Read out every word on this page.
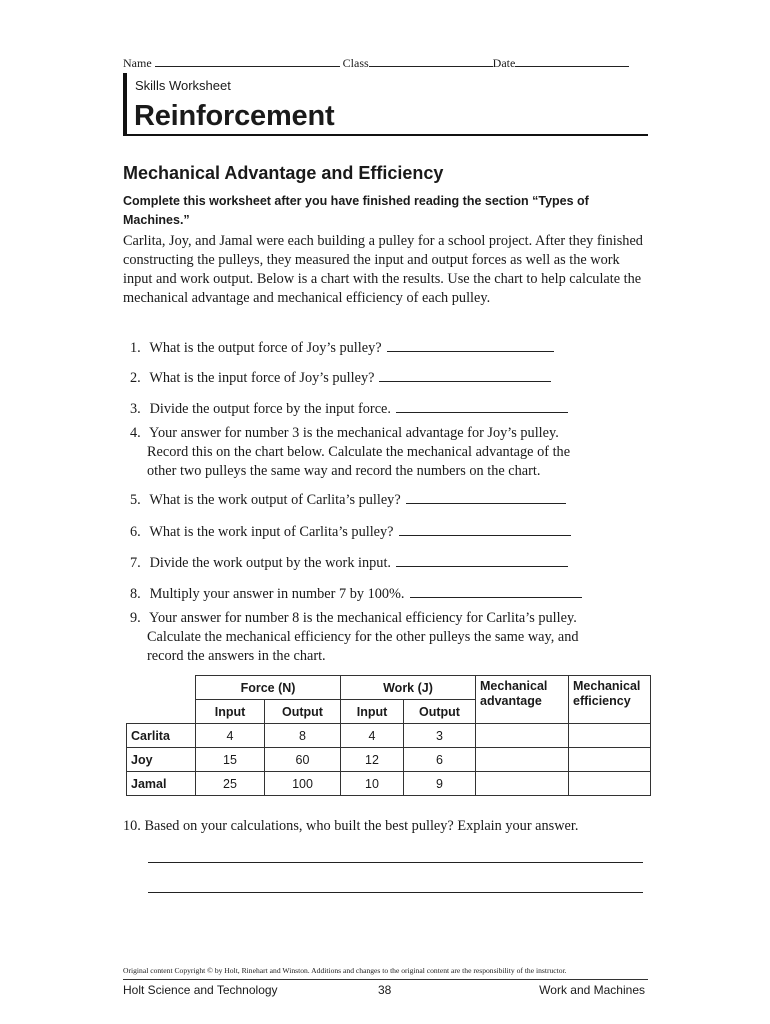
Name	Class	Date
Skills Worksheet
Reinforcement
Mechanical Advantage and Efficiency
Complete this worksheet after you have finished reading the section “Types of Machines.”
Carlita, Joy, and Jamal were each building a pulley for a school project. After they finished constructing the pulleys, they measured the input and output forces as well as the work input and work output. Below is a chart with the results. Use the chart to help calculate the mechanical advantage and mechanical efficiency of each pulley.
1. What is the output force of Joy’s pulley?
2. What is the input force of Joy’s pulley?
3. Divide the output force by the input force.
4. Your answer for number 3 is the mechanical advantage for Joy’s pulley.
Record this on the chart below. Calculate the mechanical advantage of the
other two pulleys the same way and record the numbers on the chart.
5. What is the work output of Carlita’s pulley?
6. What is the work input of Carlita’s pulley?
7. Divide the work output by the work input.
8. Multiply your answer in number 7 by 100%.
9. Your answer for number 8 is the mechanical efficiency for Carlita’s pulley.
Calculate the mechanical efficiency for the other pulleys the same way, and
record the answers in the chart.
	Force (N)		Work (J)		Mechanical advantage	Mechanical efficiency
	Input	Output	Input	Output		
Carlita	4	8	4	3		
Joy	15	60	12	6		
Jamal	25	100	10	9		
10. Based on your calculations, who built the best pulley? Explain your answer.
Original content Copyright © by Holt, Rinehart and Winston. Additions and changes to the original content are the responsibility of the instructor.
Holt Science and Technology	38	Work and Machines
